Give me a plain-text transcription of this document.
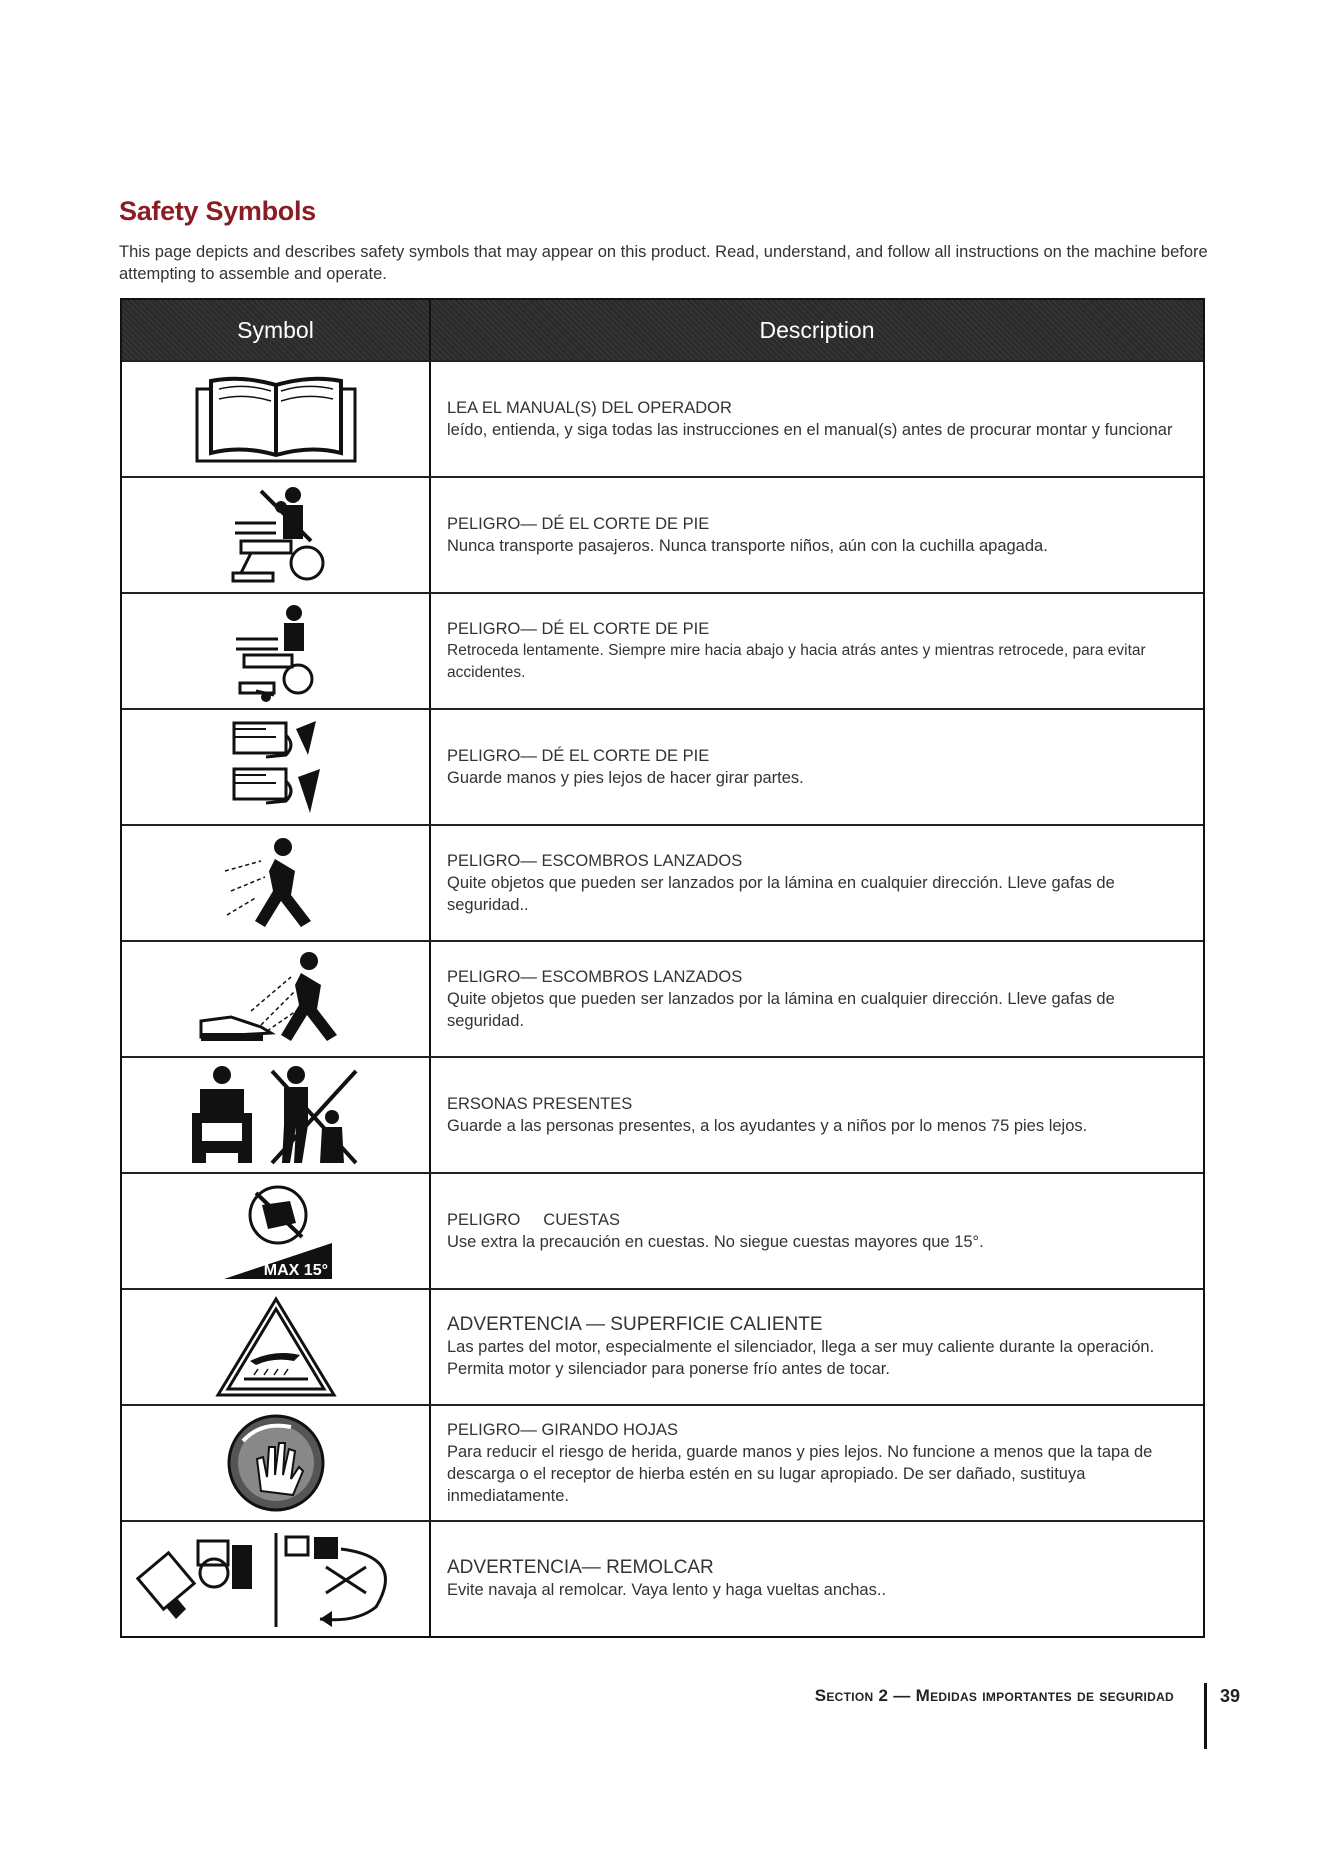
Safety Symbols

This page depicts and describes safety symbols that may appear on this product. Read, understand, and follow all instructions on the machine before attempting to assemble and operate.

Symbol	Description
LEA EL MANUAL(S) DEL OPERADOR
leído, entienda, y siga todas las instrucciones en el manual(s) antes de procurar montar y funcionar
PELIGRO— DÉ EL CORTE DE PIE
Nunca transporte pasajeros. Nunca transporte niños, aún con la cuchilla apagada.
PELIGRO— DÉ EL CORTE DE PIE
Retroceda lentamente. Siempre mire hacia abajo y hacia atrás antes y mientras retrocede, para evitar accidentes.
PELIGRO— DÉ EL CORTE DE PIE
Guarde manos y pies lejos de hacer girar partes.
PELIGRO— ESCOMBROS LANZADOS
Quite objetos que pueden ser lanzados por la lámina en cualquier dirección. Lleve gafas de seguridad..
PELIGRO— ESCOMBROS LANZADOS
Quite objetos que pueden ser lanzados por la lámina en cualquier dirección. Lleve gafas de seguridad.
ERSONAS PRESENTES
Guarde a las personas presentes, a los ayudantes y a niños por lo menos 75 pies lejos.
MAX 15°
PELIGRO     CUESTAS
Use extra la precaución en cuestas. No siegue cuestas mayores que 15°.
ADVERTENCIA — SUPERFICIE CALIENTE
Las partes del motor, especialmente el silenciador, llega a ser muy caliente durante la operación. Permita motor y silenciador para ponerse frío antes de tocar.
PELIGRO— GIRANDO HOJAS
Para reducir el riesgo de herida, guarde manos y pies lejos. No funcione a menos que la tapa de descarga o el receptor de hierba estén en su lugar apropiado. De ser dañado, sustituya inmediatamente.
ADVERTENCIA— REMOLCAR
Evite navaja al remolcar. Vaya lento y haga vueltas anchas..
Section 2 — Medidas importantes de seguridad	39
